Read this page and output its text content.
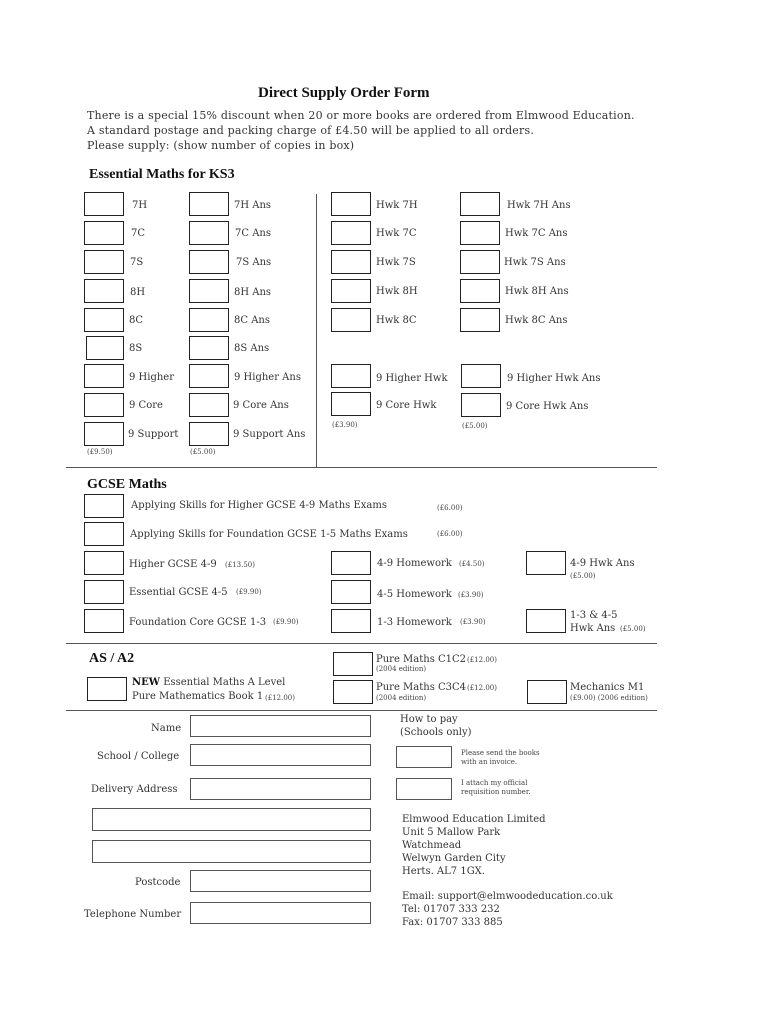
Direct Supply Order Form
There is a special 15% discount when 20 or more books are ordered from Elmwood Education.
A standard postage and packing charge of £4.50 will be applied to all orders.
Please supply: (show number of copies in box)
Essential Maths for KS3
7H
7C
7S
8H
8C
8S
9 Higher
9 Core
9 Support
(£9.50)
7H Ans
7C Ans
7S Ans
8H Ans
8C Ans
8S Ans
9 Higher Ans
9 Core Ans
9 Support Ans
(£5.00)
Hwk 7H
Hwk 7C
Hwk 7S
Hwk 8H
Hwk 8C
9 Higher Hwk
9 Core Hwk
(£3.90)
Hwk 7H Ans
Hwk 7C Ans
Hwk 7S Ans
Hwk 8H Ans
Hwk 8C Ans
9 Higher Hwk Ans
9 Core Hwk Ans
(£5.00)
GCSE Maths
Applying Skills for Higher GCSE 4-9 Maths Exams	(£6.00)
Applying Skills for Foundation GCSE 1-5 Maths Exams	(£6.00)
Higher GCSE 4-9 (£13.50)
Essential GCSE 4-5 (£9.90)
Foundation Core GCSE 1-3 (£9.90)
4-9 Homework (£4.50)
4-5 Homework (£3.90)
1-3 Homework (£3.90)
4-9 Hwk Ans
(£5.00)
1-3 & 4-5
Hwk Ans (£5.00)
AS / A2
NEW Essential Maths A Level
Pure Mathematics Book 1 (£12.00)
Pure Maths C1C2 (£12.00)
(2004 edition)
Pure Maths C3C4 (£12.00)
(2004 edition)
Mechanics M1
(£9.00) (2006 edition)
Name
School / College
Delivery Address
Postcode
Telephone Number
How to pay
(Schools only)
Please send the books
with an invoice.
I attach my official
requisition number.
Elmwood Education Limited
Unit 5 Mallow Park
Watchmead
Welwyn Garden City
Herts. AL7 1GX.
Email: support@elmwoodeducation.co.uk
Tel: 01707 333 232
Fax: 01707 333 885
